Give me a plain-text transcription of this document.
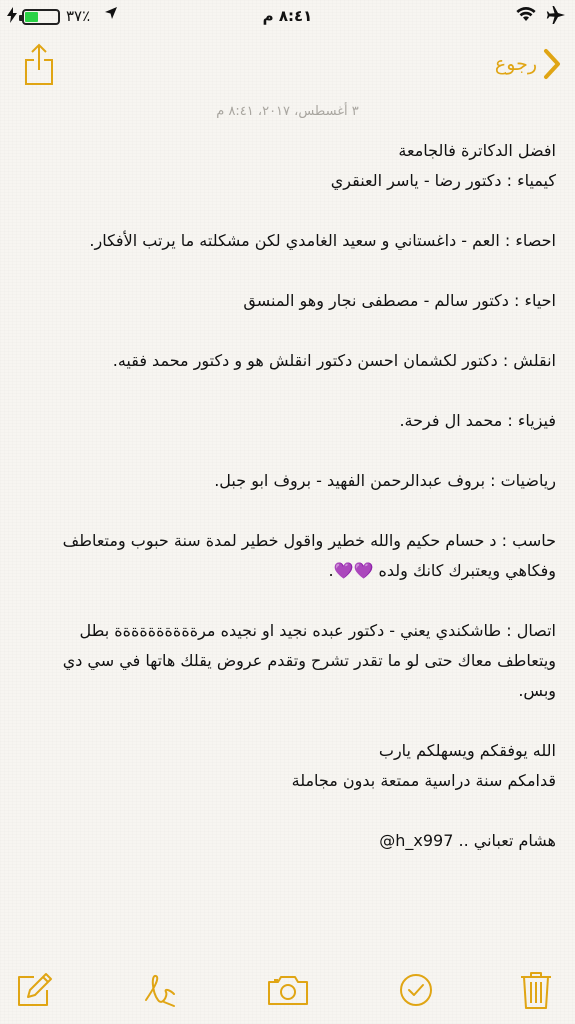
٣٧٪	٨:٤١ م
رجوع
٣ أغسطس، ٢٠١٧، ٨:٤١ م
افضل الدكاترة فالجامعة
كيمياء : دكتور رضا - ياسر العنقري
احصاء : العم - داغستاني و سعيد الغامدي لكن مشكلته ما يرتب الأفكار.
احياء : دكتور سالم - مصطفى نجار وهو المنسق
انقلش : دكتور لكشمان احسن دكتور انقلش هو و دكتور محمد فقيه.
فيزياء : محمد ال فرحة.
رياضيات : بروف عبدالرحمن الفهيد - بروف ابو جبل.
حاسب : د حسام حكيم والله خطير واقول خطير لمدة سنة حبوب ومتعاطف وفكاهي ويعتبرك كانك ولده 💜💜.
اتصال : طاشكندي يعني - دكتور عبده نجيد او نجيده مرةةةةةةةةةة بطل ويتعاطف معاك حتى لو ما تقدر تشرح وتقدم عروض يقلك هاتها في سي دي وبس.
الله يوفقكم ويسهلكم يارب
قدامكم سنة دراسية ممتعة بدون مجاملة
هشام تعباني .. h_x997@
